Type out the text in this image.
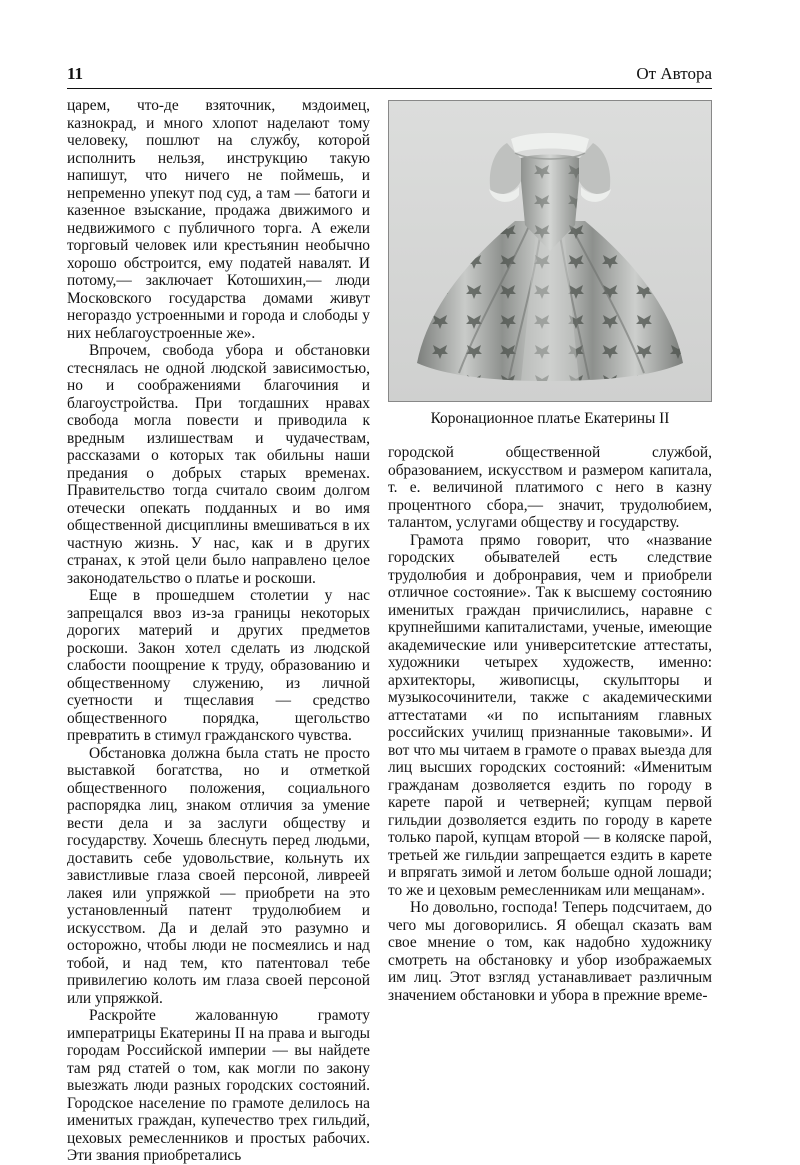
11	От Автора

царем, что-де взяточник, мздоимец, казнокрад, и много хлопот наделают тому человеку, пошлют на службу, которой исполнить нельзя, инструкцию такую напишут, что ничего не поймешь, и непременно упекут под суд, а там — батоги и казенное взыскание, продажа движимого и недвижимого с публичного торга. А ежели торговый человек или крестьянин необычно хорошо обстроится, ему податей навалят. И потому,— заключает Котошихин,— люди Московского государства домами живут негораздо устроенными и города и слободы у них неблагоустроенные же».

Впрочем, свобода убора и обстановки стеснялась не одной людской зависимостью, но и соображениями благочиния и благоустройства. При тогдашних нравах свобода могла повести и приводила к вредным излишествам и чудачествам, рассказами о которых так обильны наши предания о добрых старых временах. Правительство тогда считало своим долгом отечески опекать подданных и во имя общественной дисциплины вмешиваться в их частную жизнь. У нас, как и в других странах, к этой цели было направлено целое законодательство о платье и роскоши.

Еще в прошедшем столетии у нас запрещался ввоз из-за границы некоторых дорогих материй и других предметов роскоши. Закон хотел сделать из людской слабости поощрение к труду, образованию и общественному служению, из личной суетности и тщеславия — средство общественного порядка, щегольство превратить в стимул гражданского чувства.

Обстановка должна была стать не просто выставкой богатства, но и отметкой общественного положения, социального распорядка лиц, знаком отличия за умение вести дела и за заслуги обществу и государству. Хочешь блеснуть перед людьми, доставить себе удовольствие, кольнуть их завистливые глаза своей персоной, ливреей лакея или упряжкой — приобрети на это установленный патент трудолюбием и искусством. Да и делай это разумно и осторожно, чтобы люди не посмеялись и над тобой, и над тем, кто патентовал тебе привилегию колоть им глаза своей персоной или упряжкой.

Раскройте жалованную грамоту императрицы Екатерины II на права и выгоды городам Российской империи — вы найдете там ряд статей о том, как могли по закону выезжать люди разных городских состояний. Городское население по грамоте делилось на именитых граждан, купечество трех гильдий, цеховых ремесленников и простых рабочих. Эти звания приобретались

Коронационное платье Екатерины II

городской общественной службой, образованием, искусством и размером капитала, т. е. величиной платимого с него в казну процентного сбора,— значит, трудолюбием, талантом, услугами обществу и государству.

Грамота прямо говорит, что «название городских обывателей есть следствие трудолюбия и добронравия, чем и приобрели отличное состояние». Так к высшему состоянию именитых граждан причислились, наравне с крупнейшими капиталистами, ученые, имеющие академические или университетские аттестаты, художники четырех художеств, именно: архитекторы, живописцы, скульпторы и музыкосочинители, также с академическими аттестатами «и по испытаниям главных российских училищ признанные таковыми». И вот что мы читаем в грамоте о правах выезда для лиц высших городских состояний: «Именитым гражданам дозволяется ездить по городу в карете парой и четверней; купцам первой гильдии дозволяется ездить по городу в карете только парой, купцам второй — в коляске парой, третьей же гильдии запрещается ездить в карете и впрягать зимой и летом больше одной лошади; то же и цеховым ремесленникам или мещанам».

Но довольно, господа! Теперь подсчитаем, до чего мы договорились. Я обещал сказать вам свое мнение о том, как надобно художнику смотреть на обстановку и убор изображаемых им лиц. Этот взгляд устанавливает различным значением обстановки и убора в прежние време-
